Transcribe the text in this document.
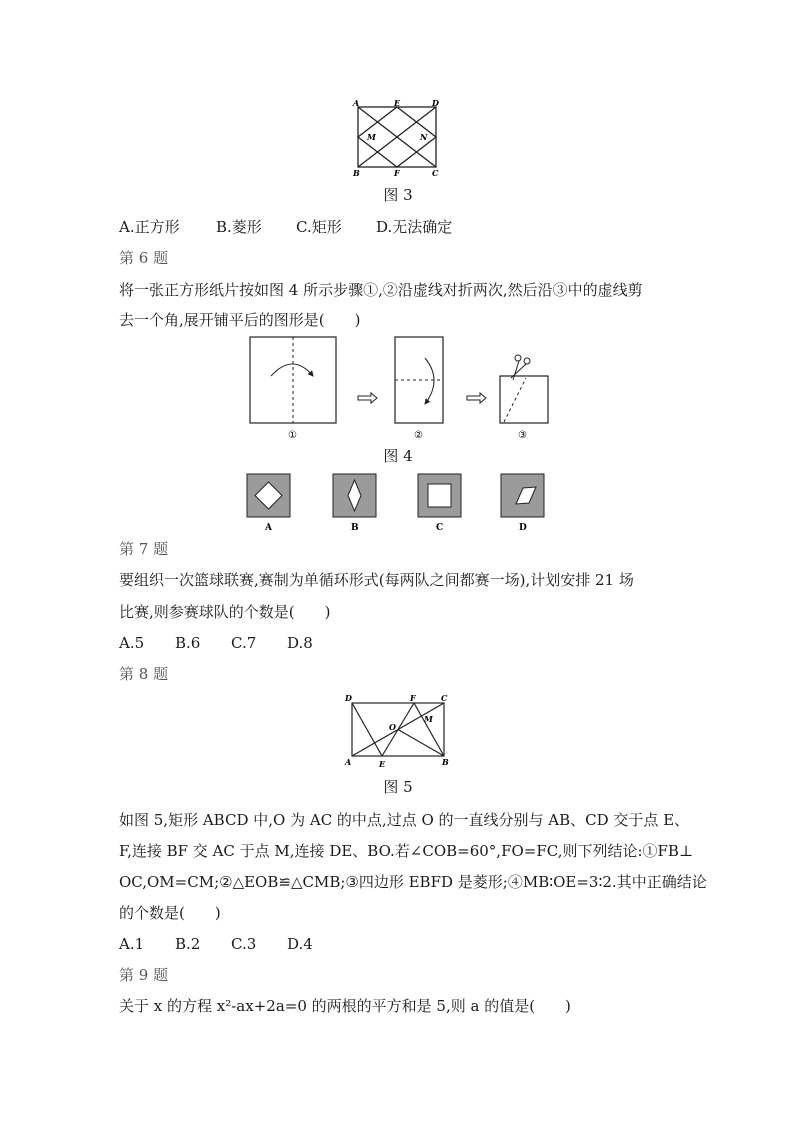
A	E	D
M	N
B	F	C
图 3
A.正方形 B.菱形 C.矩形 D.无法确定
第 6 题
将一张正方形纸片按如图 4 所示步骤①,②沿虚线对折两次,然后沿③中的虚线剪
去一个角,展开铺平后的图形是(　　)
①	②	③
图 4
A	B	C	D
第 7 题
要组织一次篮球联赛,赛制为单循环形式(每两队之间都赛一场),计划安排 21 场
比赛,则参赛球队的个数是(　　)
A.5 B.6 C.7 D.8
第 8 题
D	F	C
O
M
A	E	B
图 5
如图 5,矩形 ABCD 中,O 为 AC 的中点,过点 O 的一直线分别与 AB、CD 交于点 E、
F,连接 BF 交 AC 于点 M,连接 DE、BO.若∠COB=60°,FO=FC,则下列结论:①FB⊥
OC,OM=CM;②△EOB≌△CMB;③四边形 EBFD 是菱形;④MB∶OE=3∶2.其中正确结论
的个数是(　　)
A.1 B.2 C.3 D.4
第 9 题
关于 x 的方程 x²-ax+2a=0 的两根的平方和是 5,则 a 的值是(　　)
